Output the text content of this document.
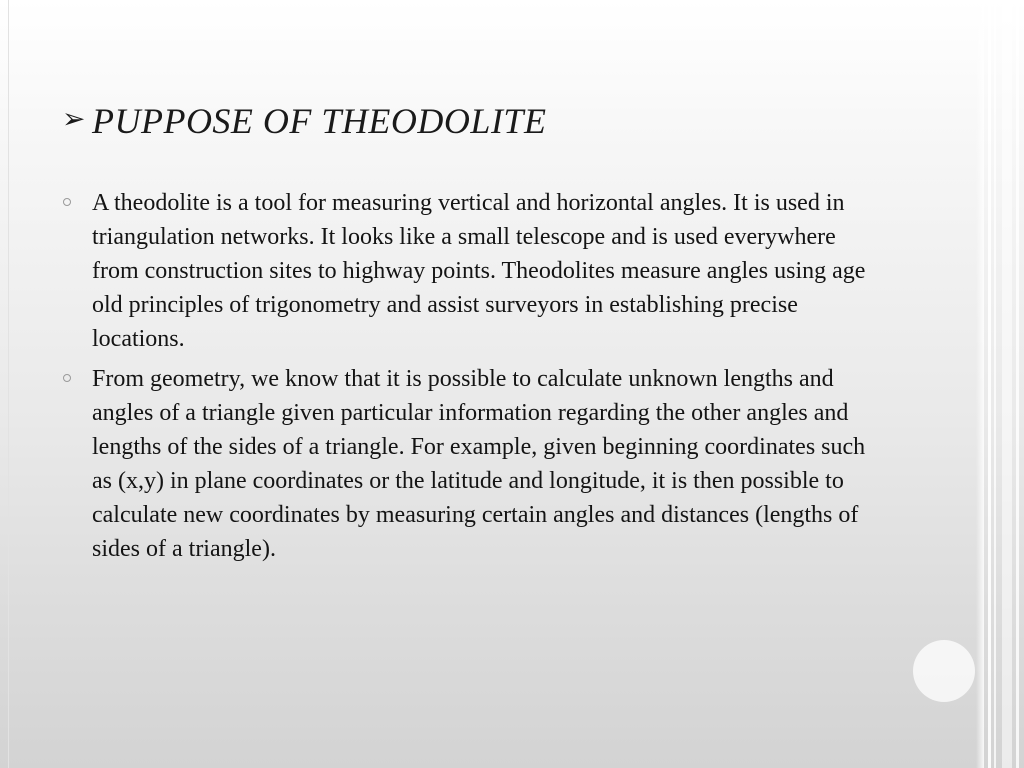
➢ PUPPOSE OF THEODOLITE
A theodolite is a tool for measuring vertical and horizontal angles. It is used in triangulation networks. It looks like a small telescope and is used everywhere from construction sites to highway points. Theodolites measure angles using age old principles of trigonometry and assist surveyors in establishing precise locations.
From geometry, we know that it is possible to calculate unknown lengths and angles of a triangle given particular information regarding the other angles and lengths of the sides of a triangle. For example, given beginning coordinates such as (x,y) in plane coordinates or the latitude and longitude, it is then possible to calculate new coordinates by measuring certain angles and distances (lengths of sides of a triangle).
